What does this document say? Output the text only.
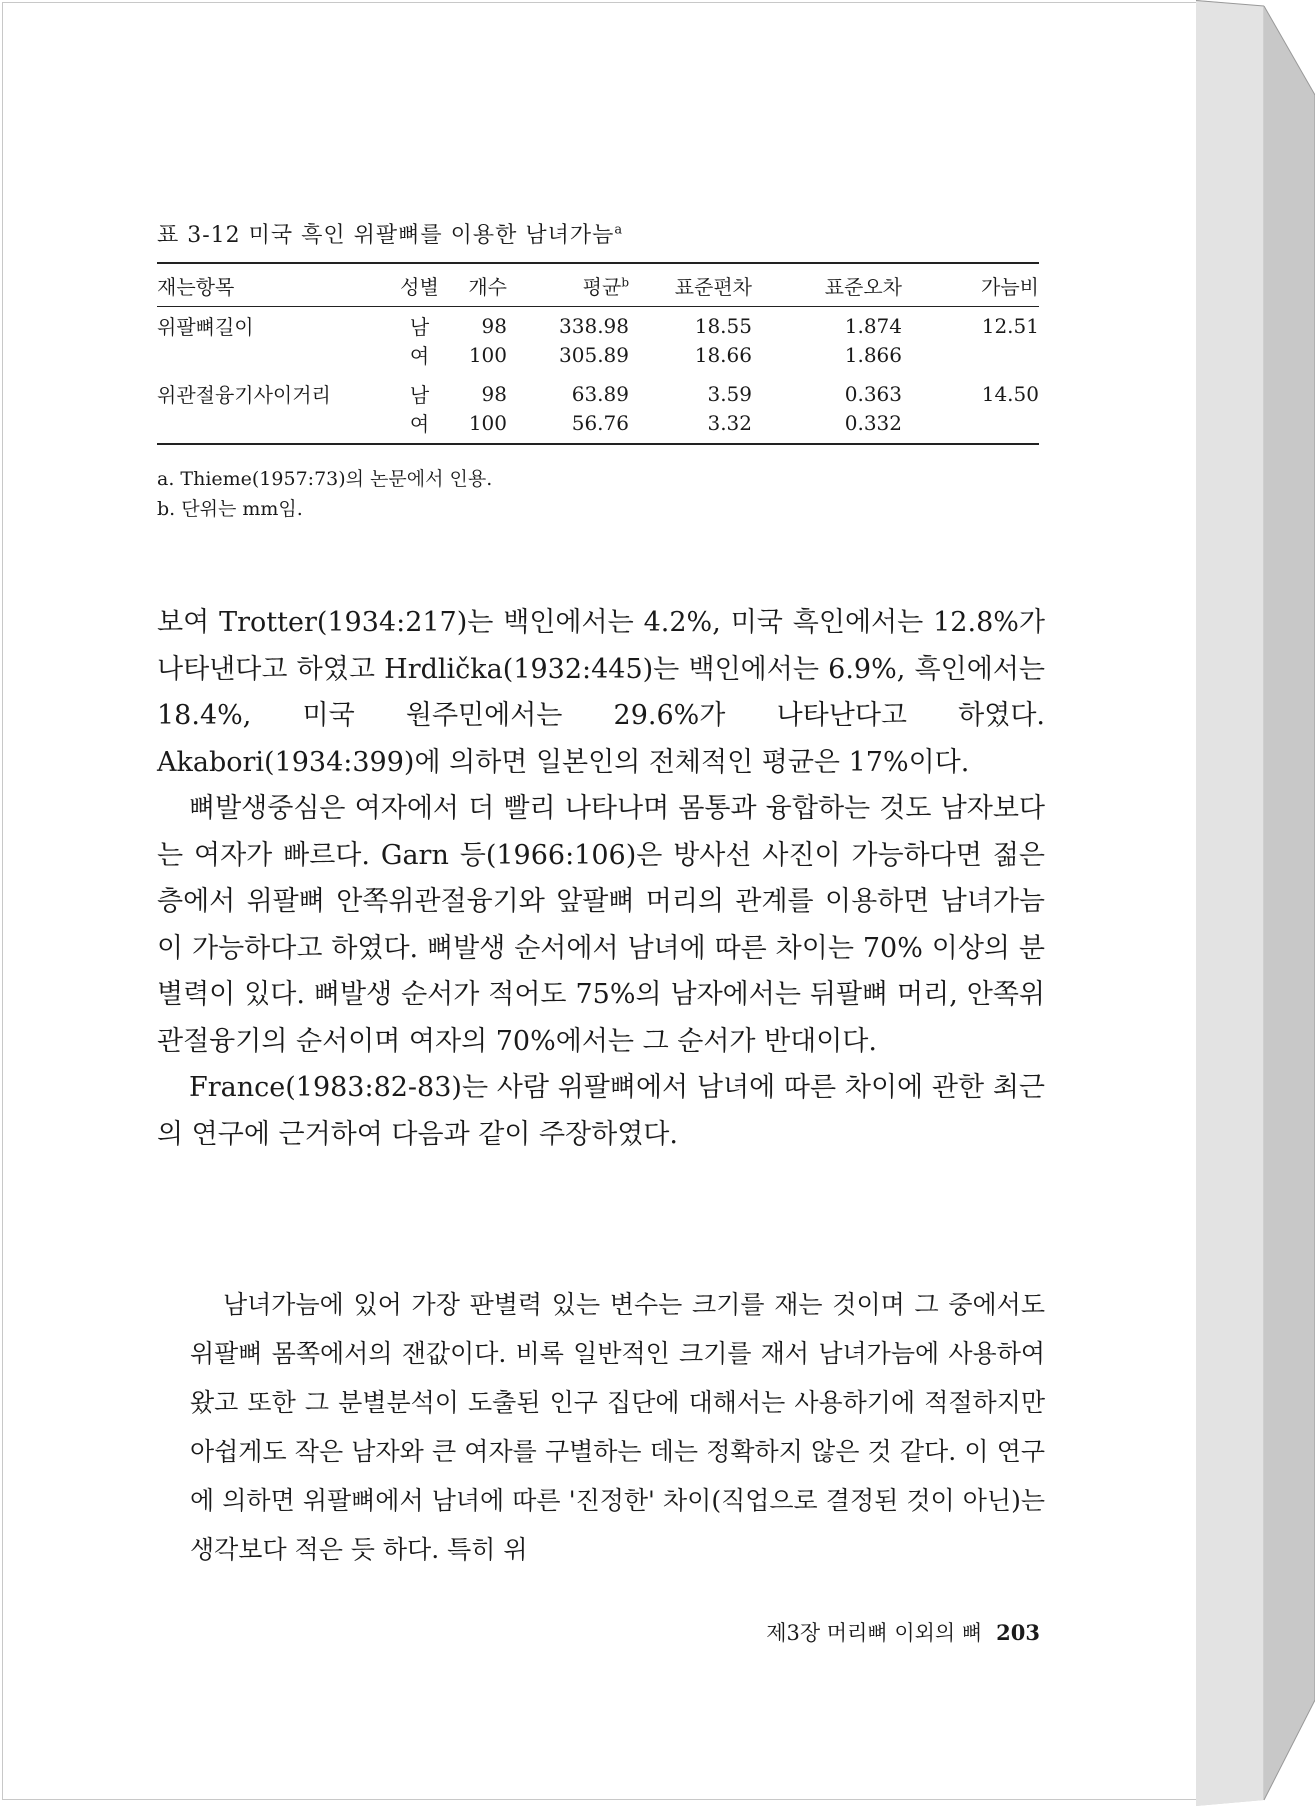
표 3-12 미국 흑인 위팔뼈를 이용한 남녀가늠$^a$
재는항목	성별	개수	평균$^b$	표준편차	표준오차	가늠비
위팔뼈길이	남	98	338.98	18.55	1.874	12.51
	여	100	305.89	18.66	1.866	
위관절융기사이거리	남	98	63.89	3.59	0.363	14.50
	여	100	56.76	3.32	0.332	
a. Thieme(1957:73)의 논문에서 인용.
b. 단위는 mm임.

보여 Trotter(1934:217)는 백인에서는 4.2%, 미국 흑인에서는 12.8%가 나타낸다고 하였고 Hrdlička(1932:445)는 백인에서는 6.9%, 흑인에서는 18.4%, 미국 원주민에서는 29.6%가 나타난다고 하였다. Akabori(1934:399)에 의하면 일본인의 전체적인 평균은 17%이다.

뼈발생중심은 여자에서 더 빨리 나타나며 몸통과 융합하는 것도 남자보다는 여자가 빠르다. Garn 등(1966:106)은 방사선 사진이 가능하다면 젊은 층에서 위팔뼈 안쪽위관절융기와 앞팔뼈 머리의 관계를 이용하면 남녀가늠이 가능하다고 하였다. 뼈발생 순서에서 남녀에 따른 차이는 70% 이상의 분별력이 있다. 뼈발생 순서가 적어도 75%의 남자에서는 뒤팔뼈 머리, 안쪽위관절융기의 순서이며 여자의 70%에서는 그 순서가 반대이다.

France(1983:82-83)는 사람 위팔뼈에서 남녀에 따른 차이에 관한 최근의 연구에 근거하여 다음과 같이 주장하였다.

남녀가늠에 있어 가장 판별력 있는 변수는 크기를 재는 것이며 그 중에서도 위팔뼈 몸쪽에서의 잰값이다. 비록 일반적인 크기를 재서 남녀가늠에 사용하여 왔고 또한 그 분별분석이 도출된 인구 집단에 대해서는 사용하기에 적절하지만 아쉽게도 작은 남자와 큰 여자를 구별하는 데는 정확하지 않은 것 같다. 이 연구에 의하면 위팔뼈에서 남녀에 따른 '진정한' 차이(직업으로 결정된 것이 아닌)는 생각보다 적은 듯 하다. 특히 위

제3장 머리뼈 이외의 뼈 203
